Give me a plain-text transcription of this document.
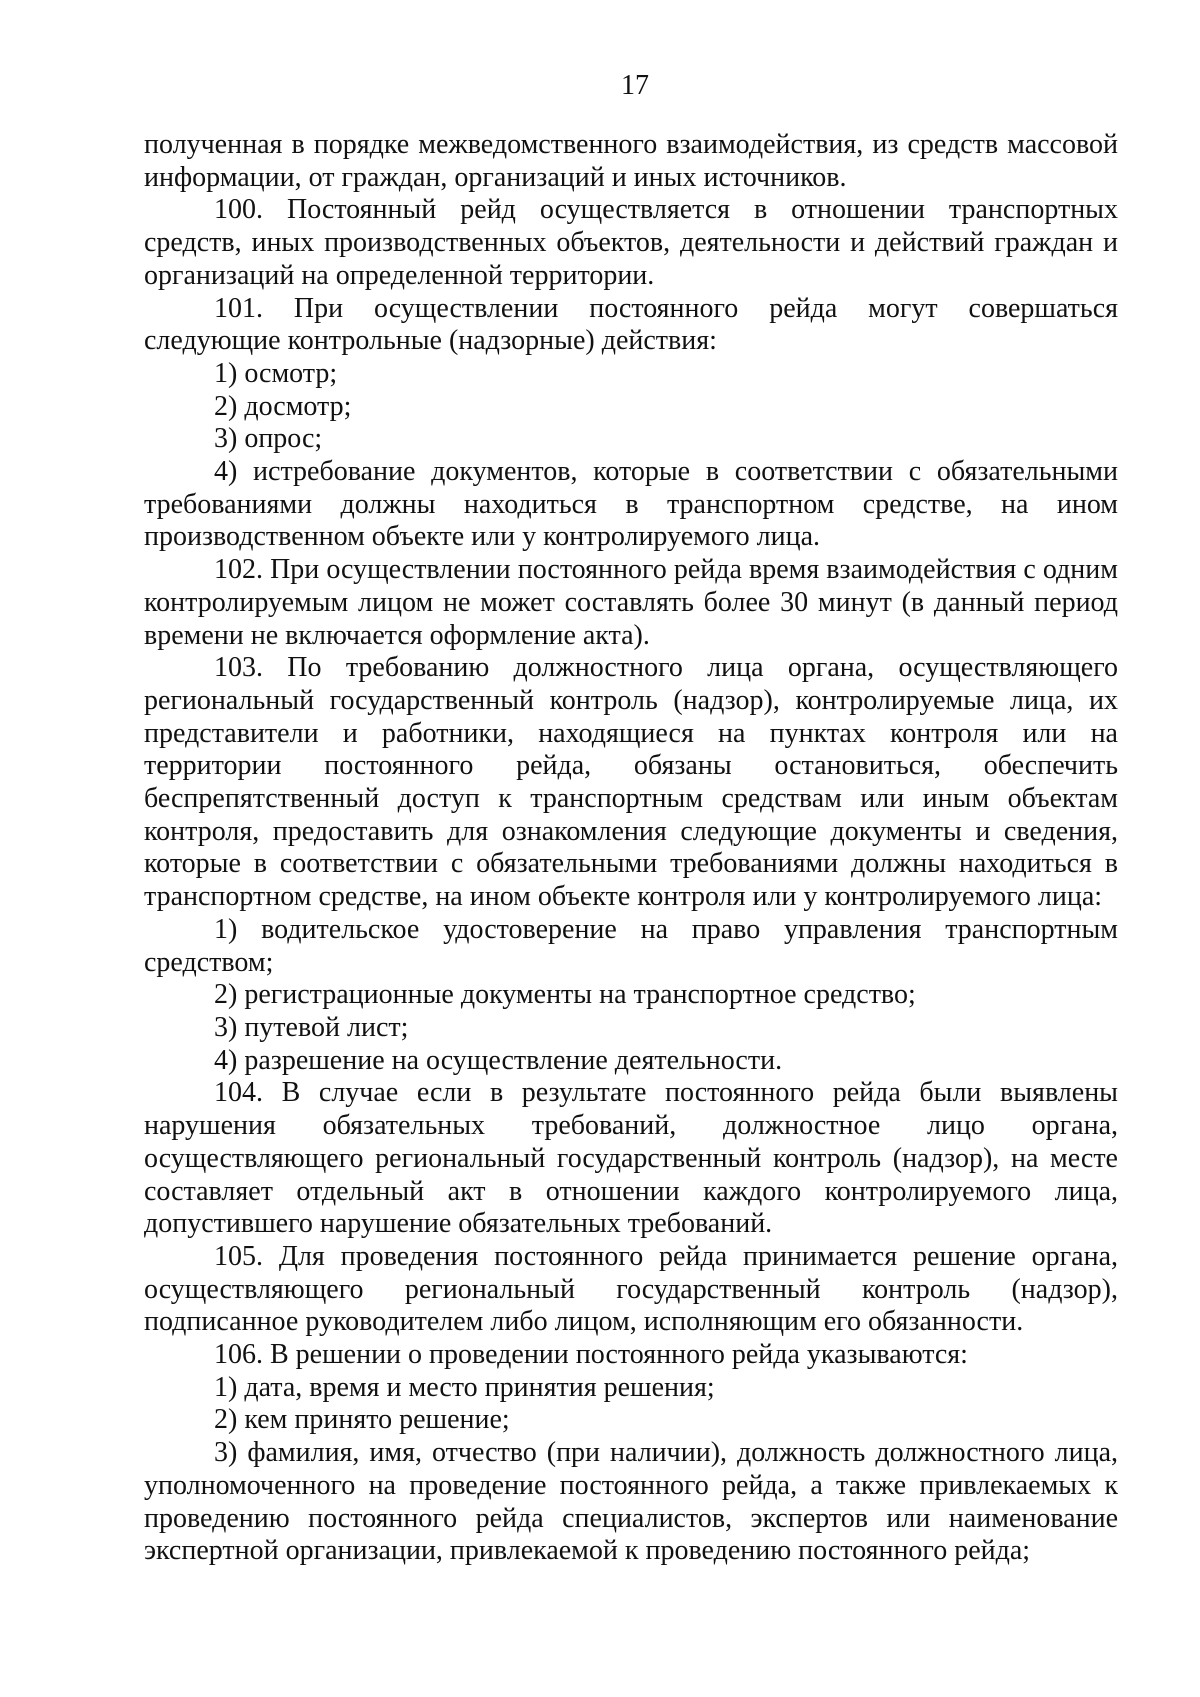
17

полученная в порядке межведомственного взаимодействия, из средств массовой информации, от граждан, организаций и иных источников.

100. Постоянный рейд осуществляется в отношении транспортных средств, иных производственных объектов, деятельности и действий граждан и организаций на определенной территории.

101. При осуществлении постоянного рейда могут совершаться следующие контрольные (надзорные) действия:

1) осмотр;

2) досмотр;

3) опрос;

4) истребование документов, которые в соответствии с обязательными требованиями должны находиться в транспортном средстве, на ином производственном объекте или у контролируемого лица.

102. При осуществлении постоянного рейда время взаимодействия с одним контролируемым лицом не может составлять более 30 минут (в данный период времени не включается оформление акта).

103. По требованию должностного лица органа, осуществляющего региональный государственный контроль (надзор), контролируемые лица, их представители и работники, находящиеся на пунктах контроля или на территории постоянного рейда, обязаны остановиться, обеспечить беспрепятственный доступ к транспортным средствам или иным объектам контроля, предоставить для ознакомления следующие документы и сведения, которые в соответствии с обязательными требованиями должны находиться в транспортном средстве, на ином объекте контроля или у контролируемого лица:

1) водительское удостоверение на право управления транспортным средством;

2) регистрационные документы на транспортное средство;

3) путевой лист;

4) разрешение на осуществление деятельности.

104. В случае если в результате постоянного рейда были выявлены нарушения обязательных требований, должностное лицо органа, осуществляющего региональный государственный контроль (надзор), на месте составляет отдельный акт в отношении каждого контролируемого лица, допустившего нарушение обязательных требований.

105. Для проведения постоянного рейда принимается решение органа, осуществляющего региональный государственный контроль (надзор), подписанное руководителем либо лицом, исполняющим его обязанности.

106. В решении о проведении постоянного рейда указываются:

1) дата, время и место принятия решения;

2) кем принято решение;

3) фамилия, имя, отчество (при наличии), должность должностного лица, уполномоченного на проведение постоянного рейда, а также привлекаемых к проведению постоянного рейда специалистов, экспертов или наименование экспертной организации, привлекаемой к проведению постоянного рейда;
